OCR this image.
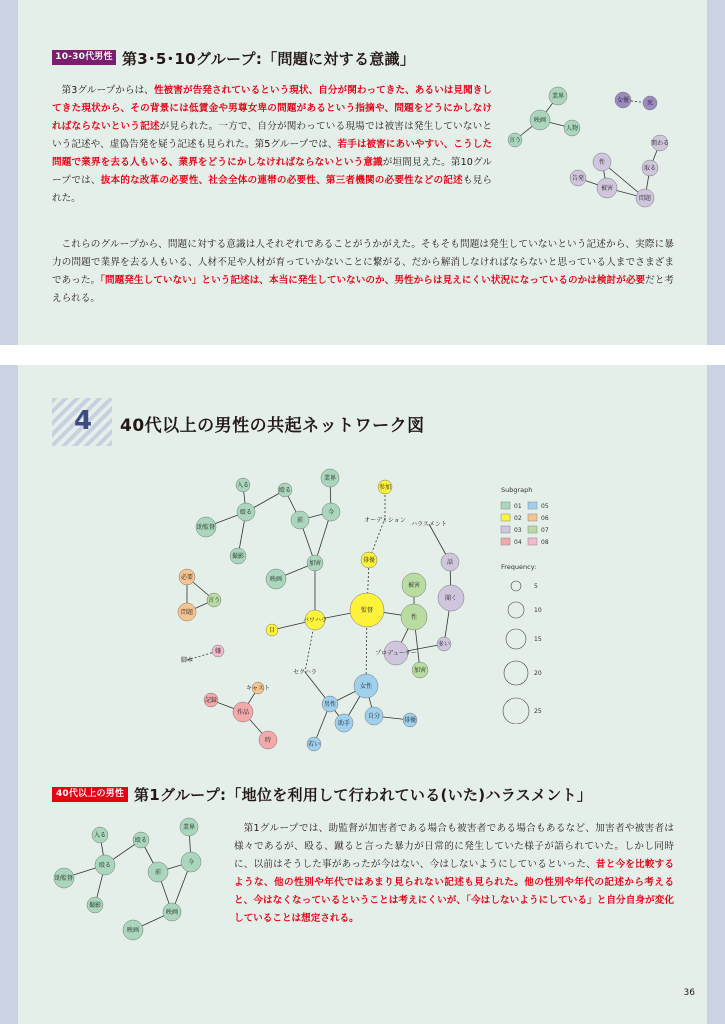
10-30代男性 第3･5･10グループ:「問題に対する意識」

第3グループからは、性被害が告発されているという現状、自分が関わってきた、あるいは見聞きしてきた現状から、その背景には低賃金や男尊女卑の問題があるという指摘や、問題をどうにかしなければならないという記述が見られた。一方で、自分が関わっている現場では被害は発生していないという記述や、虚偽告発を疑う記述も見られた。第5グループでは、若手は被害にあいやすい、こうした問題で業界を去る人もいる、業界をどうにかしなければならないという意識が垣間見えた。第10グループでは、抜本的な改革の必要性、社会全体の連帯の必要性、第三者機関の必要性などの記述も見られた。

これらのグループから、問題に対する意識は人それぞれであることがうかがえた。そもそも問題は発生していないという記述から、実際に暴力の問題で業界を去る人もいる、人材不足や人材が育っていかないことに繋がる、だから解消しなければならないと思っている人までさまざまであった。「問題発生していない」という記述は、本当に発生していないのか、男性からは見えにくい状況になっているのかは検討が必要だと考えられる。

業界
映画
人物
言う
女優	死
関わる
性
取る
告発
被害
問題
4 40代以上の男性の共起ネットワーク図
入る
殴る
業界
今
殴る
助監督
前
撮影
映画
加害
参加
オーディション
ハラスメント
俳優	話
被害
聞く
監督
性
パワハラ
目
必要
問題
言う
多い
プロデューサー
加害
セクハラ
女性
男性
助手
自分
俳優
若い
嫌
脚本
キャスト
作品
記録
時
Subgraph
01
02
03
04
05
06
07
08
Frequency:
5
10
15
20
25
40代以上の男性 第1グループ:「地位を利用して行われている(いた)ハラスメント」
入る
殴る
業界
殴る
助監督
前
今
撮影
映画
映画

第1グループでは、助監督が加害者である場合も被害者である場合もあるなど、加害者や被害者は様々であるが、殴る、蹴ると言った暴力が日常的に発生していた様子が語られていた。しかし同時に、以前はそうした事があったが今はない、今はしないようにしているといった、昔と今を比較するような、他の性別や年代ではあまり見られない記述も見られた。他の性別や年代の記述から考えると、今はなくなっているということは考えにくいが、「今はしないようにしている」と自分自身が変化していることは想定される。

36
